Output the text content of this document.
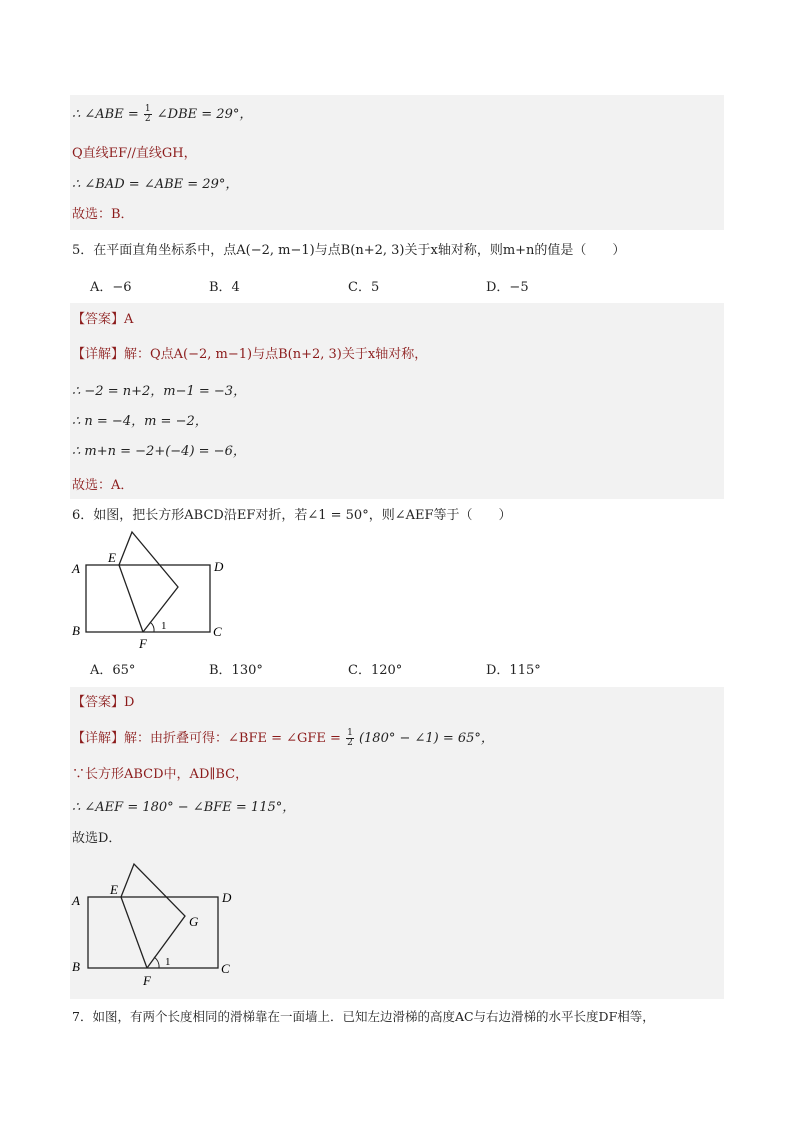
∴ ∠ABE = $\frac{1}{2}$ ∠DBE = 29°，
Q直线EF//直线GH，
∴ ∠BAD = ∠ABE = 29°，
故选：B．
5．在平面直角坐标系中，点A(−2, m−1)与点B(n+2, 3)关于x轴对称，则m+n的值是（　　）
A．−6	B．4	C．5	D．−5
【答案】A
【详解】解：Q点A(−2, m−1)与点B(n+2, 3)关于x轴对称，
∴ −2 = n+2，m−1 = −3，
∴ n = −4，m = −2，
∴ m+n = −2+(−4) = −6，
故选：A．
6．如图，把长方形ABCD沿EF对折，若∠1 = 50°，则∠AEF等于（　　）
A	D
B	C
E
F
1
A．65°	B．130°	C．120°	D．115°
【答案】D
【详解】解：由折叠可得：∠BFE = ∠GFE = $\frac{1}{2} (180^\circ$ − ∠1) = 65°，
∵长方形ABCD中，AD∥BC，
∴ ∠AEF = 180° − ∠BFE = 115°，
故选D．
A	D
B	C
E
G
F
1
7．如图，有两个长度相同的滑梯靠在一面墙上．已知左边滑梯的高度AC与右边滑梯的水平长度DF相等，
